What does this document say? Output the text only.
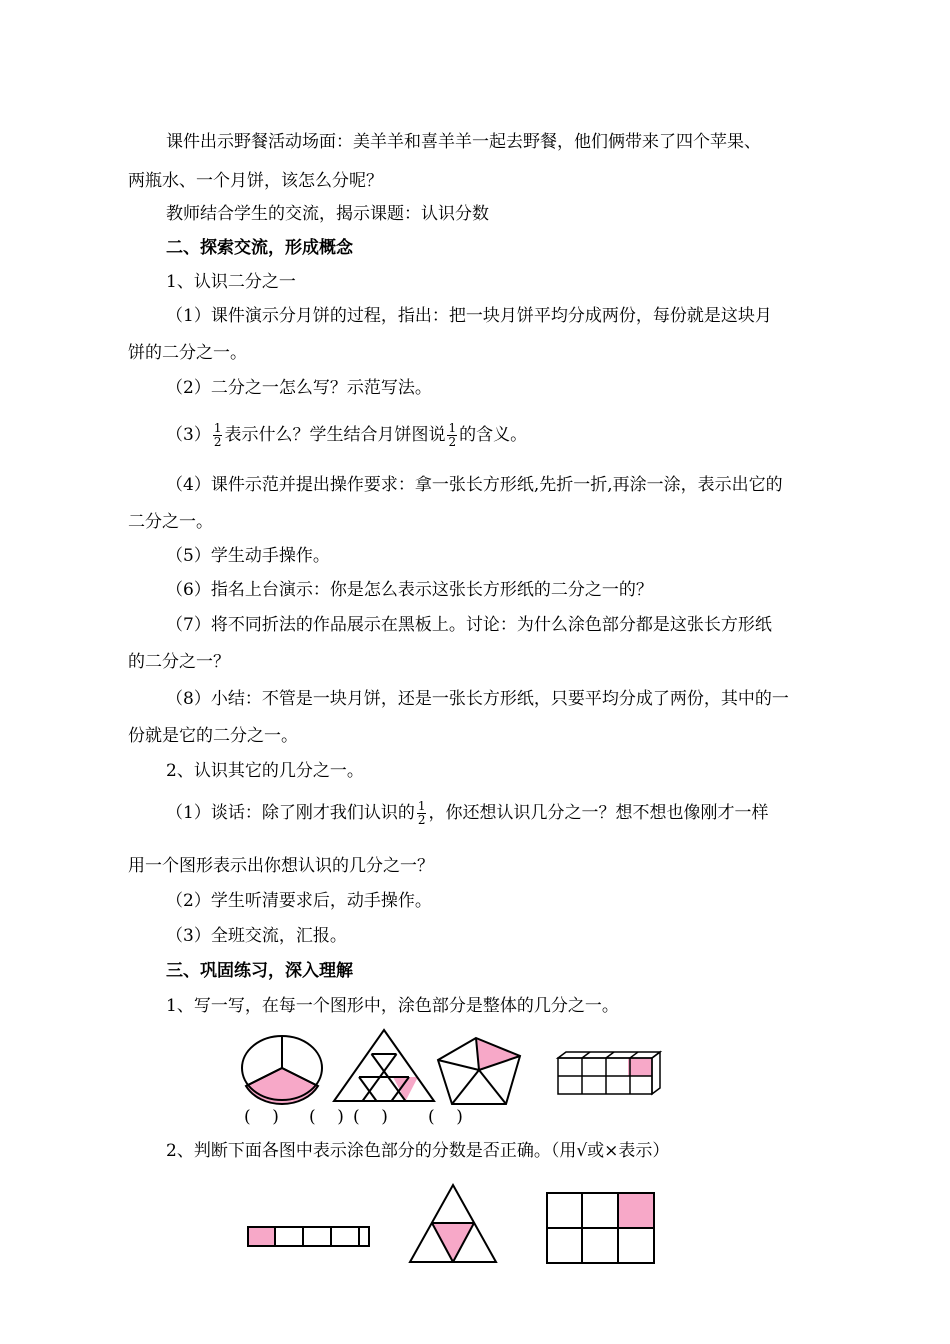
课件出示野餐活动场面：美羊羊和喜羊羊一起去野餐，他们俩带来了四个苹果、
两瓶水、一个月饼，该怎么分呢？
教师结合学生的交流，揭示课题：认识分数
二、探索交流，形成概念
1、认识二分之一
（1）课件演示分月饼的过程，指出：把一块月饼平均分成两份，每份就是这块月
饼的二分之一。
（2）二分之一怎么写？示范写法。
$(3) \frac{1}{2}$ 表示什么？学生结合月饼图说 $\frac{1}{2}$ 的含义。
（4）课件示范并提出操作要求：拿一张长方形纸,先折一折,再涂一涂，表示出它的
二分之一。
（5）学生动手操作。
（6）指名上台演示：你是怎么表示这张长方形纸的二分之一的？
（7）将不同折法的作品展示在黑板上。讨论：为什么涂色部分都是这张长方形纸
的二分之一？
（8）小结：不管是一块月饼，还是一张长方形纸，只要平均分成了两份，其中的一
份就是它的二分之一。
2、认识其它的几分之一。
（1）谈话：除了刚才我们认识的 $\frac{1}{2}$ ，你还想认识几分之一？想不想也像刚才一样
用一个图形表示出你想认识的几分之一？
（2）学生听清要求后，动手操作。
（3）全班交流，汇报。
三、巩固练习，深入理解
1、写一写，在每一个图形中，涂色部分是整体的几分之一。
(    ) (    ) (    ) (    )
2、判断下面各图中表示涂色部分的分数是否正确。（用√或×表示）
